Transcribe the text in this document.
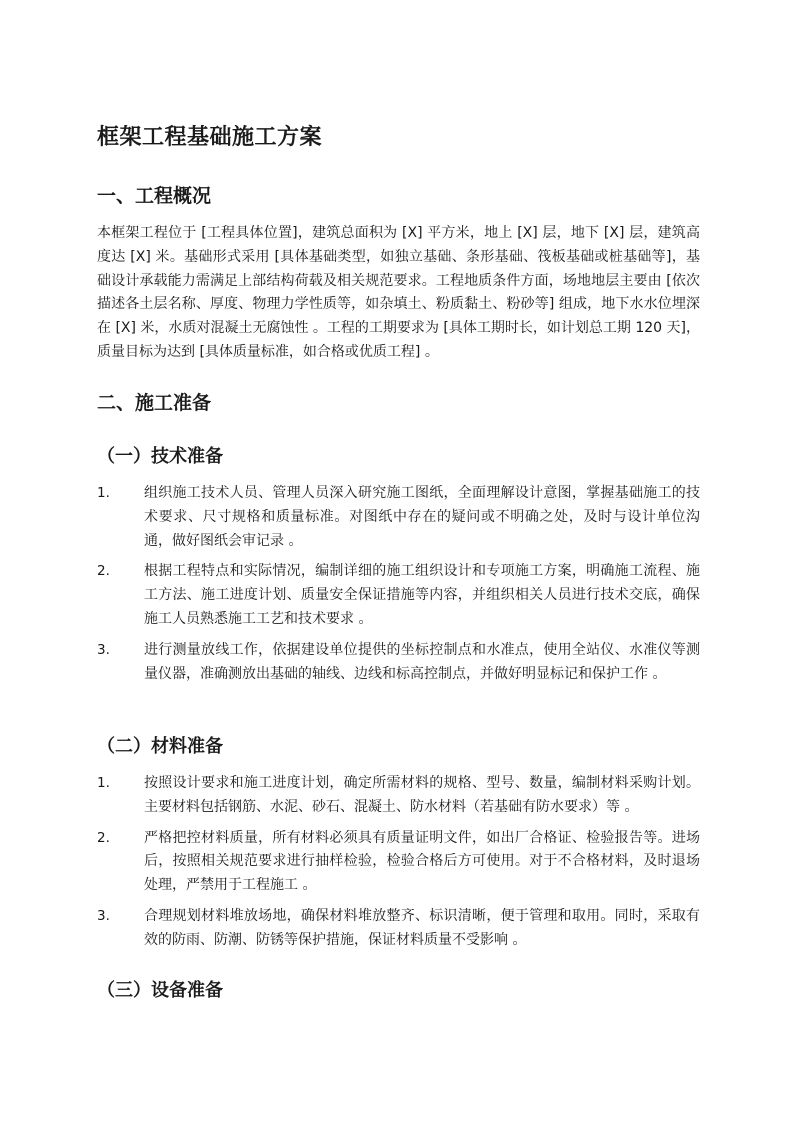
框架工程基础施工方案
一、工程概况

本框架工程位于 [工程具体位置]，建筑总面积为 [X] 平方米，地上 [X] 层，地下 [X] 层，建筑高度达 [X] 米。基础形式采用 [具体基础类型，如独立基础、条形基础、筏板基础或桩基础等]，基础设计承载能力需满足上部结构荷载及相关规范要求。工程地质条件方面，场地地层主要由 [依次描述各土层名称、厚度、物理力学性质等，如杂填土、粉质黏土、粉砂等] 组成，地下水水位埋深在 [X] 米，水质对混凝土无腐蚀性 。工程的工期要求为 [具体工期时长，如计划总工期 120 天]，质量目标为达到 [具体质量标准，如合格或优质工程] 。

二、施工准备
（一）技术准备
1. 组织施工技术人员、管理人员深入研究施工图纸，全面理解设计意图，掌握基础施工的技术要求、尺寸规格和质量标准。对图纸中存在的疑问或不明确之处，及时与设计单位沟通，做好图纸会审记录 。
2. 根据工程特点和实际情况，编制详细的施工组织设计和专项施工方案，明确施工流程、施工方法、施工进度计划、质量安全保证措施等内容，并组织相关人员进行技术交底，确保施工人员熟悉施工工艺和技术要求 。
3. 进行测量放线工作，依据建设单位提供的坐标控制点和水准点，使用全站仪、水准仪等测量仪器，准确测放出基础的轴线、边线和标高控制点，并做好明显标记和保护工作 。
（二）材料准备
1. 按照设计要求和施工进度计划，确定所需材料的规格、型号、数量，编制材料采购计划。主要材料包括钢筋、水泥、砂石、混凝土、防水材料（若基础有防水要求）等 。
2. 严格把控材料质量，所有材料必须具有质量证明文件，如出厂合格证、检验报告等。进场后，按照相关规范要求进行抽样检验，检验合格后方可使用。对于不合格材料，及时退场处理，严禁用于工程施工 。
3. 合理规划材料堆放场地，确保材料堆放整齐、标识清晰，便于管理和取用。同时，采取有效的防雨、防潮、防锈等保护措施，保证材料质量不受影响 。
（三）设备准备
